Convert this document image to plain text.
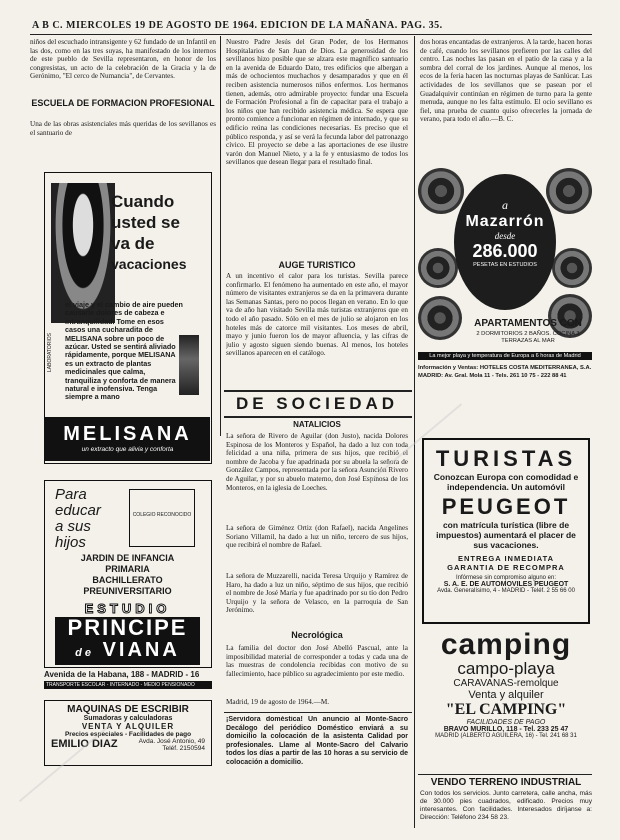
A B C. MIERCOLES 19 DE AGOSTO DE 1964. EDICION DE LA MAÑANA. PAG. 35.
niños del escuchado intransigente y 62 fundado de un Infantil en las dos, como en las tres suyas, ha manifestado de los internos de este pueblo de Sevilla representaron, en honor de los congresistas, un acto de la celebración de la Gracia y la de Gerónimo, "El cerco de Numancia", de Cervantes.
ESCUELA DE FORMACION PROFESIONAL
Una de las obras asistenciales más queridas de los sevillanos es el santuario de
Cuando
usted se
va de
vacaciones
LABORATORIOS
el viaje y el cambio de aire pueden causarle dolores de cabeza e intranquilidad. Tome en esos casos una cucharadita de MELISANA sobre un poco de azúcar. Usted se sentirá aliviado rápidamente, porque MELISANA es un extracto de plantas medicinales que calma, tranquiliza y conforta de manera natural e inofensiva. Tenga siempre a mano
MELISANA
un extracto que alivia y conforta
Para
educar
a sus
hijos
COLEGIO RECONOCIDO
JARDIN DE INFANCIA
PRIMARIA
BACHILLERATO
PREUNIVERSITARIO
ESTUDIO
PRINCIPE
de VIANA
Avenida de la Habana, 188 - MADRID - 16
TRANSPORTE ESCOLAR - INTERNADO - MEDIO PENSIONADO
MAQUINAS DE ESCRIBIR
Sumadoras y calculadoras
VENTA Y ALQUILER
Precios especiales - Facilidades de pago
EMILIO DIAZ	Avda. José Antonio, 49
Teléf. 2150594
Nuestro Padre Jesús del Gran Poder, de los Hermanos Hospitalarios de San Juan de Dios. La generosidad de los sevillanos hizo posible que se alzara este magnífico santuario en la avenida de Eduardo Dato, tres edificios que albergan a más de ochocientos muchachos y desamparados y que en él reciben asistencia numerosos niños enfermos. Los hermanos tienen, además, otro admirable proyecto: fundar una Escuela de Formación Profesional a fin de capacitar para el trabajo a los niños que han recibido asistencia médica. Se espera que pronto comience a funcionar en régimen de internado, y que su edificio reúna las condiciones necesarias. Es preciso que el público responda, y así se verá la fecunda labor del patronazgo cívico. El proyecto se debe a las aportaciones de ese ilustre varón don Manuel Nieto, y a la fe y entusiasmo de todos los sevillanos que desean llegar para el resultado final.
AUGE TURISTICO
A un incentivo el calor para los turistas. Sevilla parece confirmarlo. El fenómeno ha aumentado en este año, el mayor número de visitantes extranjeros se da en la primavera durante las Semanas Santas, pero no pocos llegan en verano. En lo que va de año han visitado Sevilla más turistas extranjeros que en todo el año pasado. Sólo en el mes de julio se alojaron en los hoteles más de catorce mil visitantes. Los meses de abril, mayo y junio fueron los de mayor afluencia, y las cifras de julio y agosto siguen siendo buenas. Al menos, los hoteles sevillanos aparecen en el catálogo.
DE SOCIEDAD
NATALICIOS
La señora de Rivero de Aguilar (don Justo), nacida Dolores Espinosa de los Monteros y Español, ha dado a luz con toda felicidad a una niña, primera de sus hijos, que recibió el nombre de Jacoba y fue apadrinada por su abuela la señora de González Campos, representada por la señora Asunción Rivero de Aguilar, y por su abuelo materno, don José Espinosa de los Monteros, en la iglesia de Loeches.
La señora de Giménez Ortiz (don Rafael), nacida Angelines Soriano Villamil, ha dado a luz un niño, tercero de sus hijos, que recibirá el nombre de Rafael.
La señora de Muzzarelli, nacida Teresa Urquijo y Ramírez de Haro, ha dado a luz un niño, séptimo de sus hijos, que recibió el nombre de José María y fue apadrinado por su tío don Pedro Urquijo y la señora de Velasco, en la parroquia de San Jerónimo.
Necrológica
La familia del doctor don José Abelló Pascual, ante la imposibilidad material de corresponder a todas y cada una de las muestras de condolencia recibidas con motivo de su fallecimiento, hace público su agradecimiento por este medio.
Madrid, 19 de agosto de 1964.—M.
¡Servidora doméstica! Un anuncio al Monte-Sacro Decálogo del periódico Doméstico enviará a su domicilio la colocación de la asistenta Calidad por profesionales. Llame al Monte-Sacro del Calvario todos los días a partir de las 10 horas a su servicio de colocación a domicilio.
dos horas encantadas de extranjeros. A la tarde, hacen horas de café, cuando los sevillanos prefieren por las calles del centro. Las noches las pasan en el patio de la casa y a la sombra del corral de los jardines. Aunque al menos, los ecos de la feria hacen las nocturnas playas de Sanlúcar. Las actividades de los sevillanos que se pasean por el Guadalquivir continúan en régimen de turno para la gente menuda, aunque no les falta estímulo. El ocio sevillano es fiel, una prueba de cuanto quiso ofrecerles la jornada de verano, para todo el año.—B. C.
a
Mazarrón
desde
286.000
PESETAS EN ESTUDIOS
APARTAMENTOS CON
2 DORMITORIOS 2 BAÑOS. COCINA 3 TERRAZAS AL MAR
La mejor playa y temperatura de Europa a 6 horas de Madrid
Información y Ventas: HOTELES COSTA MEDITERRANEA, S.A.
MADRID: Av. Gral. Mola 11 - Tels. 261 10 75 - 222 88 41
TURISTAS
Conozcan Europa con comodidad e independencia. Un automóvil
PEUGEOT
con matrícula turística (libre de impuestos) aumentará el placer de sus vacaciones.
ENTREGA INMEDIATA
GARANTIA DE RECOMPRA
Infórmese sin compromiso alguno en:
S. A. E. DE AUTOMOVILES PEUGEOT
Avda. Generalísimo, 4 - MADRID - Teléf. 2 55 66 00
camping
campo-playa
CARAVANAS-remolque
Venta y alquiler
"EL CAMPING"
FACILIDADES DE PAGO
BRAVO MURILLO, 118 - Tel. 233 25 47
MADRID (ALBERTO AGUILERA, 16) - Tel. 241 68 31
VENDO TERRENO INDUSTRIAL
Con todos los servicios. Junto carretera, calle ancha, más de 30.000 pies cuadrados, edificado. Precios muy interesantes. Con facilidades. Interesados diríjanse a: Dirección: Teléfono 234 58 23.
